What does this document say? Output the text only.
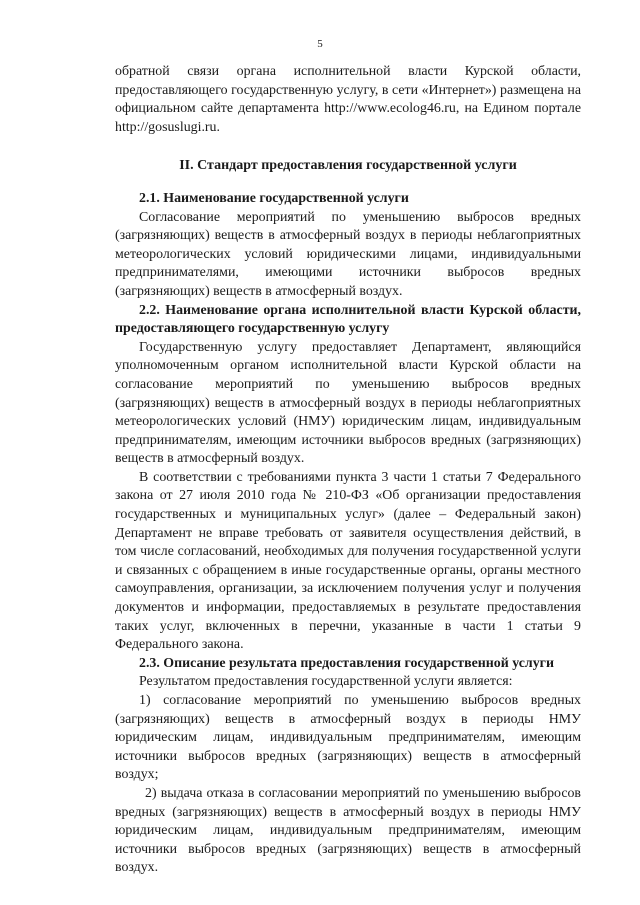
5

обратной связи органа исполнительной власти Курской области, предоставляющего государственную услугу, в сети «Интернет») размещена на официальном сайте департамента http://www.ecolog46.ru, на Едином портале http://gosuslugi.ru.

II. Стандарт предоставления государственной услуги

2.1. Наименование государственной услуги

Согласование мероприятий по уменьшению выбросов вредных (загрязняющих) веществ в атмосферный воздух в периоды неблагоприятных метеорологических условий юридическими лицами, индивидуальными предпринимателями, имеющими источники выбросов вредных (загрязняющих) веществ в атмосферный воздух.

2.2. Наименование органа исполнительной власти Курской области, предоставляющего государственную услугу

Государственную услугу предоставляет Департамент, являющийся уполномоченным органом исполнительной власти Курской области на согласование мероприятий по уменьшению выбросов вредных (загрязняющих) веществ в атмосферный воздух в периоды неблагоприятных метеорологических условий (НМУ) юридическим лицам, индивидуальным предпринимателям, имеющим источники выбросов вредных (загрязняющих) веществ в атмосферный воздух.

В соответствии с требованиями пункта 3 части 1 статьи 7 Федерального закона от 27 июля 2010 года № 210-ФЗ «Об организации предоставления государственных и муниципальных услуг» (далее – Федеральный закон) Департамент не вправе требовать от заявителя осуществления действий, в том числе согласований, необходимых для получения государственной услуги и связанных с обращением в иные государственные органы, органы местного самоуправления, организации, за исключением получения услуг и получения документов и информации, предоставляемых в результате предоставления таких услуг, включенных в перечни, указанные в части 1 статьи 9 Федерального закона.

2.3. Описание результата предоставления государственной услуги

Результатом предоставления государственной услуги является:

1) согласование мероприятий по уменьшению выбросов вредных (загрязняющих) веществ в атмосферный воздух в периоды НМУ юридическим лицам, индивидуальным предпринимателям, имеющим источники выбросов вредных (загрязняющих) веществ в атмосферный воздух;

2) выдача отказа в согласовании мероприятий по уменьшению выбросов вредных (загрязняющих) веществ в атмосферный воздух в периоды НМУ юридическим лицам, индивидуальным предпринимателям, имеющим источники выбросов вредных (загрязняющих) веществ в атмосферный воздух.
